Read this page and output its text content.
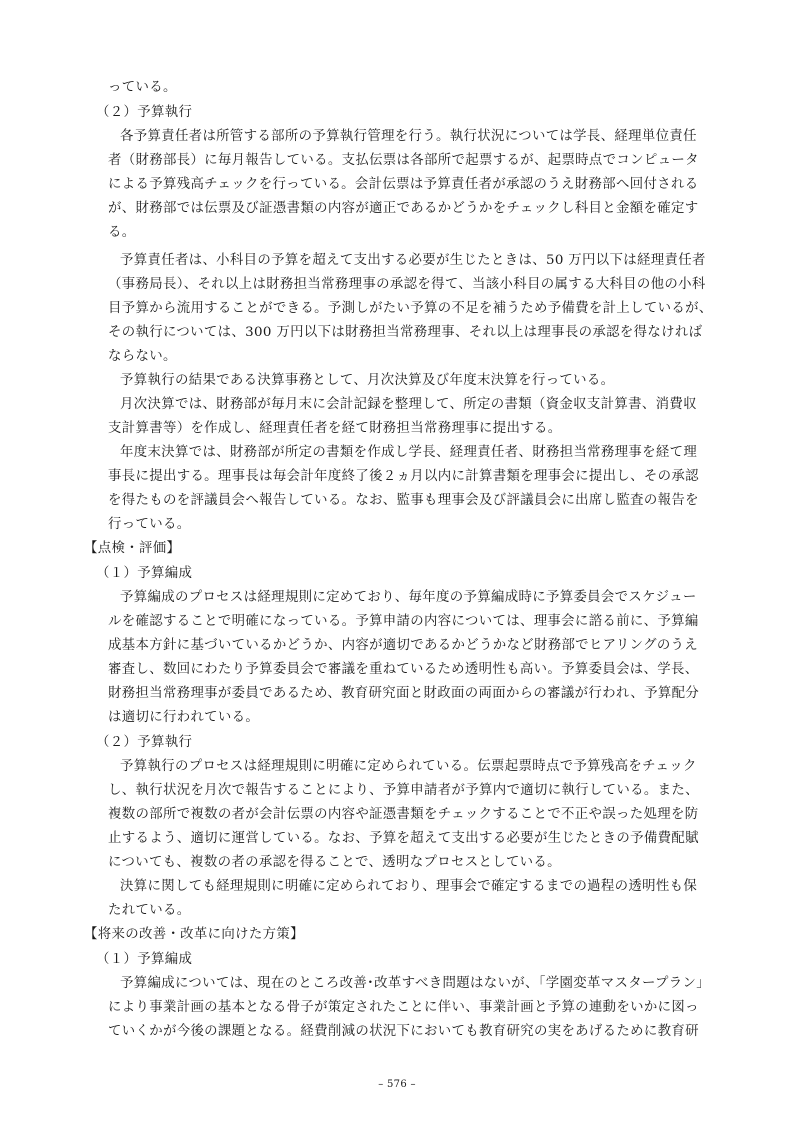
っている。
（２）予算執行
各予算責任者は所管する部所の予算執行管理を行う。執行状況については学長、経理単位責任
者（財務部長）に毎月報告している。支払伝票は各部所で起票するが、起票時点でコンピュータ
による予算残高チェックを行っている。会計伝票は予算責任者が承認のうえ財務部へ回付される
が、財務部では伝票及び証憑書類の内容が適正であるかどうかをチェックし科目と金額を確定す
る。
予算責任者は、小科目の予算を超えて支出する必要が生じたときは、50 万円以下は経理責任者
（事務局長）、それ以上は財務担当常務理事の承認を得て、当該小科目の属する大科目の他の小科
目予算から流用することができる。予測しがたい予算の不足を補うため予備費を計上しているが、
その執行については、300 万円以下は財務担当常務理事、それ以上は理事長の承認を得なければ
ならない。
予算執行の結果である決算事務として、月次決算及び年度末決算を行っている。
月次決算では、財務部が毎月末に会計記録を整理して、所定の書類（資金収支計算書、消費収
支計算書等）を作成し、経理責任者を経て財務担当常務理事に提出する。
年度末決算では、財務部が所定の書類を作成し学長、経理責任者、財務担当常務理事を経て理
事長に提出する。理事長は毎会計年度終了後２ヵ月以内に計算書類を理事会に提出し、その承認
を得たものを評議員会へ報告している。なお、監事も理事会及び評議員会に出席し監査の報告を
行っている。
【点検・評価】
（１）予算編成
予算編成のプロセスは経理規則に定めており、毎年度の予算編成時に予算委員会でスケジュー
ルを確認することで明確になっている。予算申請の内容については、理事会に諮る前に、予算編
成基本方針に基づいているかどうか、内容が適切であるかどうかなど財務部でヒアリングのうえ
審査し、数回にわたり予算委員会で審議を重ねているため透明性も高い。予算委員会は、学長、
財務担当常務理事が委員であるため、教育研究面と財政面の両面からの審議が行われ、予算配分
は適切に行われている。
（２）予算執行
予算執行のプロセスは経理規則に明確に定められている。伝票起票時点で予算残高をチェック
し、執行状況を月次で報告することにより、予算申請者が予算内で適切に執行している。また、
複数の部所で複数の者が会計伝票の内容や証憑書類をチェックすることで不正や誤った処理を防
止するよう、適切に運営している。なお、予算を超えて支出する必要が生じたときの予備費配賦
についても、複数の者の承認を得ることで、透明なプロセスとしている。
決算に関しても経理規則に明確に定められており、理事会で確定するまでの過程の透明性も保
たれている。
【将来の改善・改革に向けた方策】
（１）予算編成
予算編成については、現在のところ改善･改革すべき問題はないが、「学園変革マスタープラン」
により事業計画の基本となる骨子が策定されたことに伴い、事業計画と予算の連動をいかに図っ
ていくかが今後の課題となる。経費削減の状況下においても教育研究の実をあげるために教育研
– 576 –
